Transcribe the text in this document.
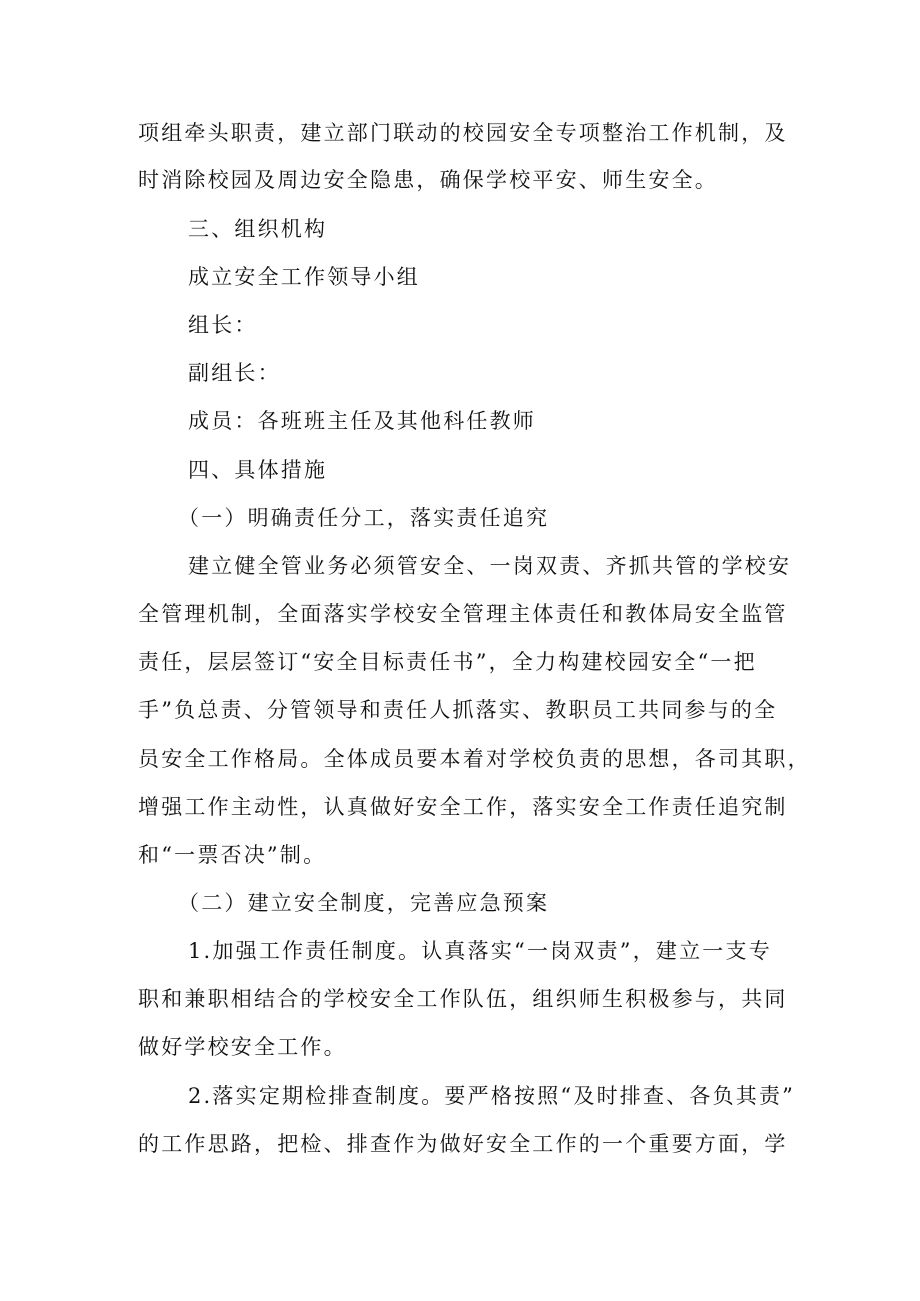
项组牵头职责，建立部门联动的校园安全专项整治工作机制，及
时消除校园及周边安全隐患，确保学校平安、师生安全。
三、组织机构
成立安全工作领导小组
组长：
副组长：
成员：各班班主任及其他科任教师
四、具体措施
（一）明确责任分工，落实责任追究
建立健全管业务必须管安全、一岗双责、齐抓共管的学校安
全管理机制，全面落实学校安全管理主体责任和教体局安全监管
责任，层层签订“安全目标责任书”，全力构建校园安全“一把
手”负总责、分管领导和责任人抓落实、教职员工共同参与的全
员安全工作格局。全体成员要本着对学校负责的思想，各司其职，
增强工作主动性，认真做好安全工作，落实安全工作责任追究制
和“一票否决”制。
（二）建立安全制度，完善应急预案
1.加强工作责任制度。认真落实“一岗双责”，建立一支专
职和兼职相结合的学校安全工作队伍，组织师生积极参与，共同
做好学校安全工作。
2.落实定期检排查制度。要严格按照“及时排查、各负其责”
的工作思路，把检、排查作为做好安全工作的一个重要方面，学
